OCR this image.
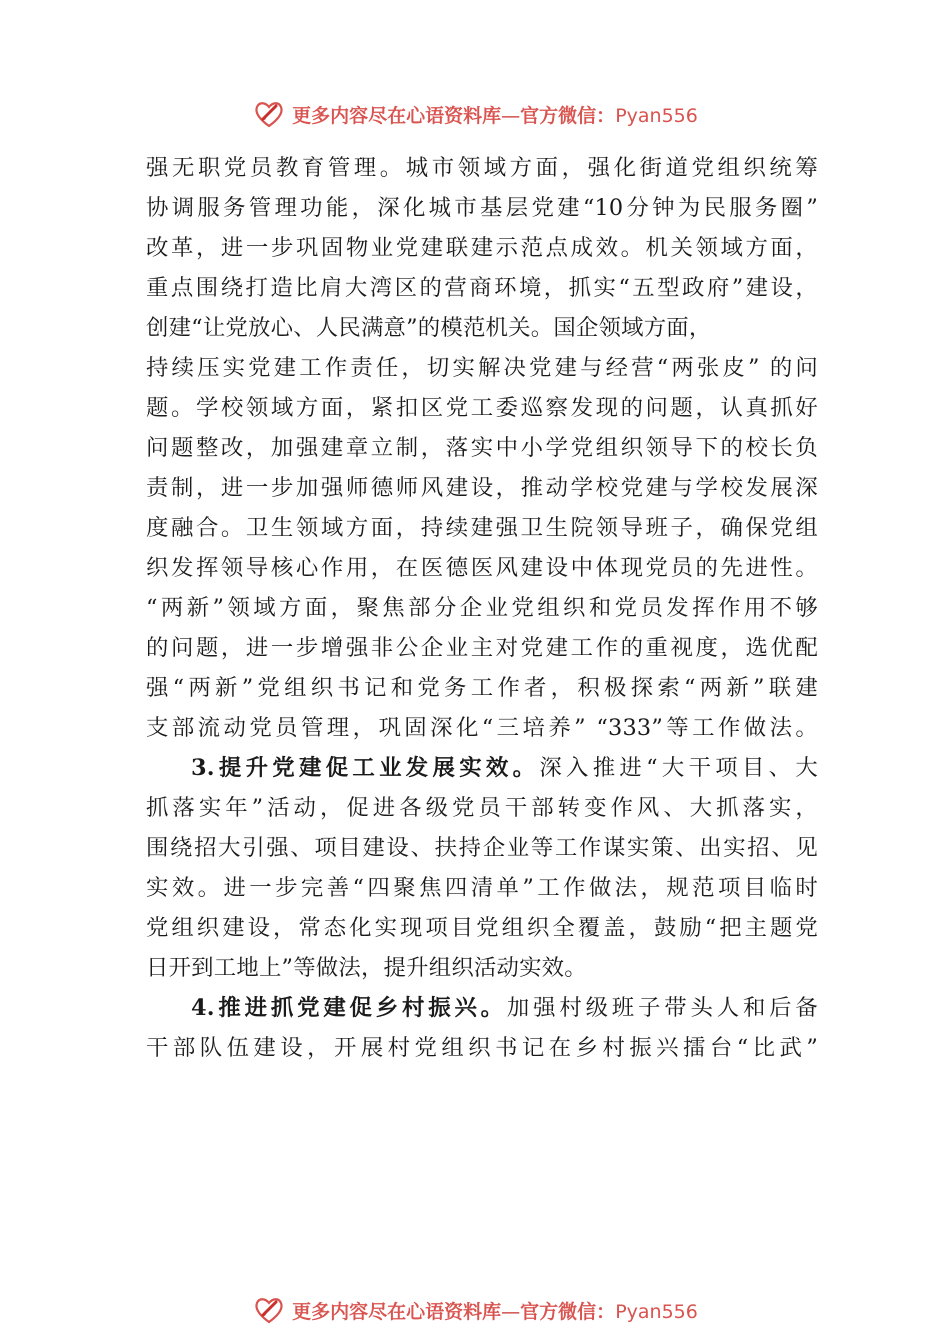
更多内容尽在心语资料库—官方微信：Pyan556
强无职党员教育管理。城市领域方面，强化街道党组织统筹
协调服务管理功能，深化城市基层党建“10分钟为民服务圈”
改革，进一步巩固物业党建联建示范点成效。机关领域方面，
重点围绕打造比肩大湾区的营商环境，抓实“五型政府”建设，
创建“让党放心、人民满意”的模范机关。国企领域方面，
持续压实党建工作责任，切实解决党建与经营“两张皮” 的问
题。学校领域方面，紧扣区党工委巡察发现的问题，认真抓好
问题整改，加强建章立制，落实中小学党组织领导下的校长负
责制，进一步加强师德师风建设，推动学校党建与学校发展深
度融合。卫生领域方面，持续建强卫生院领导班子，确保党组
织发挥领导核心作用，在医德医风建设中体现党员的先进性。
“两新”领域方面，聚焦部分企业党组织和党员发挥作用不够
的问题，进一步增强非公企业主对党建工作的重视度，选优配
强“两新”党组织书记和党务工作者，积极探索“两新”联建
支部流动党员管理，巩固深化“三培养” “333”等工作做法。
3.提升党建促工业发展实效。深入推进“大干项目、大
抓落实年”活动，促进各级党员干部转变作风、大抓落实，
围绕招大引强、项目建设、扶持企业等工作谋实策、出实招、见
实效。进一步完善“四聚焦四清单”工作做法，规范项目临时
党组织建设，常态化实现项目党组织全覆盖，鼓励“把主题党
日开到工地上”等做法，提升组织活动实效。
4.推进抓党建促乡村振兴。加强村级班子带头人和后备
干部队伍建设，开展村党组织书记在乡村振兴擂台“比武”
更多内容尽在心语资料库—官方微信：Pyan556
